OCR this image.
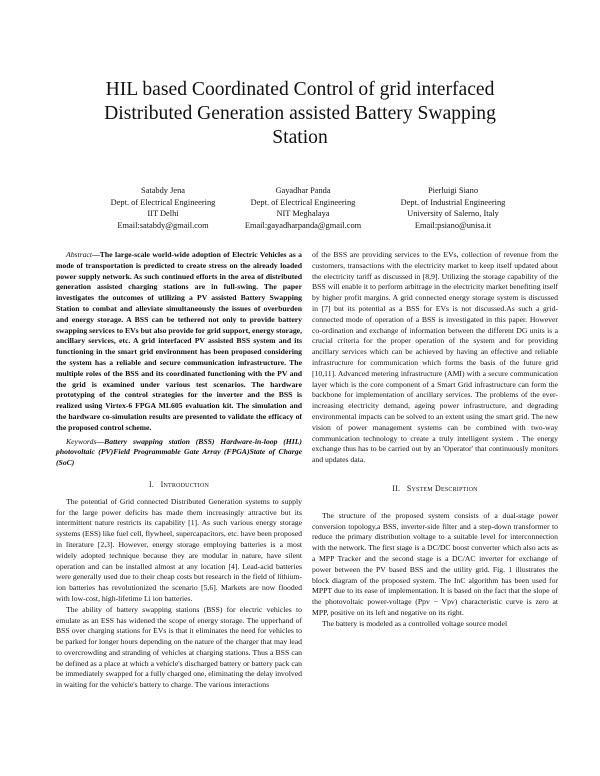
HIL based Coordinated Control of grid interfaced
Distributed Generation assisted Battery Swapping
Station
Satabdy Jena
Dept. of Electrical Engineering
IIT Delhi
Email:satabdy@gmail.com
Gayadhar Panda
Dept. of Electrical Engineering
NIT Meghalaya
Email:gayadharpanda@gmail.com
Pierluigi Siano
Dept. of Industrial Engineering
University of Salerno, Italy
Email:psiano@unisa.it

Abstract—The large-scale world-wide adoption of Electric Vehicles as a mode of transportation is predicted to create stress on the already loaded power supply network. As such continued efforts in the area of distributed generation assisted charging stations are in full-swing. The paper investigates the outcomes of utilizing a PV assisted Battery Swapping Station to combat and alleviate simultaneously the issues of overburden and energy storage. A BSS can be tethered not only to provide battery swapping services to EVs but also provide for grid support, energy storage, ancillary services, etc. A grid interfaced PV assisted BSS system and its functioning in the smart grid environment has been proposed considering the system has a reliable and secure communication infrastructure. The multiple roles of the BSS and its coordinated functioning with the PV and the grid is examined under various test scenarios. The hardware prototyping of the control strategies for the inverter and the BSS is realized using Virtex-6 FPGA ML605 evaluation kit. The simulation and the hardware co-simulation results are presented to validate the efficacy of the proposed control scheme.

Keywords—Battery swapping station (BSS) Hardware-in-loop (HIL) photovoltaic (PV)Field Programmable Gate Array (FPGA)State of Charge (SoC)

I. Introduction

The potential of Grid connected Distributed Generation systems to supply for the large power deficits has made them increasingly attractive but its intermittent nature restricts its capability [1]. As such various energy storage systems (ESS) like fuel cell, flywheel, supercapacitors, etc. have been proposed in literature [2,3]. However, energy storage employing batteries is a most widely adopted technique because they are modular in nature, have silent operation and can be installed almost at any location [4]. Lead-acid batteries were generally used due to their cheap costs but research in the field of lithium-ion batteries has revolutionized the scenario [5,6]. Markets are now flooded with low-cost, high-lifetime Li ion batteries.

The ability of battery swapping stations (BSS) for electric vehicles to emulate as an ESS has widened the scope of energy storage. The upperhand of BSS over charging stations for EVs is that it eliminates the need for vehicles to be parked for longer hours depending on the nature of the charger that may lead to overcrowding and stranding of vehicles at charging stations. Thus a BSS can be defined as a place at which a vehicle's discharged battery or battery pack can be immediately swapped for a fully charged one, eliminating the delay involved in waiting for the vehicle's battery to charge. The various interactions

of the BSS are providing services to the EVs, collection of revenue from the customers, transactions with the electricity market to keep itself updated about the electricity tariff as discussed in [8,9]. Utilizing the storage capability of the BSS will enable it to perform arbitrage in the electricity market benefiting itself by higher profit margins. A grid connected energy storage system is discussed in [7] but its potential as a BSS for EVs is not discussed.As such a grid-connected mode of operation of a BSS is investigated in this paper. However co-ordination and exchange of information between the different DG units is a crucial criteria for the proper operation of the system and for providing ancillary services which can be achieved by having an effective and reliable infrastructure for communication which forms the basis of the future grid [10,11]. Advanced metering infrastructure (AMI) with a secure communication layer which is the core component of a Smart Grid infrastructure can form the backbone for implementation of ancillary services. The problems of the ever-increasing electricity demand, ageing power infrastructure, and degrading environmental impacts can be solved to an extent using the smart grid. The new vision of power management systems can be combined with two-way communication technology to create a truly intelligent system . The energy exchange thus has to be carried out by an 'Operator' that continuously monitors and updates data.

II. System Description

The structure of the proposed system consists of a dual-stage power conversion topology,a BSS, inverter-side filter and a step-down transformer to reduce the primary distribution voltage to a suitable level for interconnection with the network. The first stage is a DC/DC boost converter which also acts as a MPP Tracker and the second stage is a DC/AC inverter for exchange of power between the PV based BSS and the utility grid. Fig. 1 illustrates the block diagram of the proposed system. The InC algorithm has been used for MPPT due to its ease of implementation. It is based on the fact that the slope of the photovoltaic power-voltage (Ppv − Vpv) characteristic curve is zero at MPP, positive on its left and negative on its right.

The battery is modeled as a controlled voltage source model
